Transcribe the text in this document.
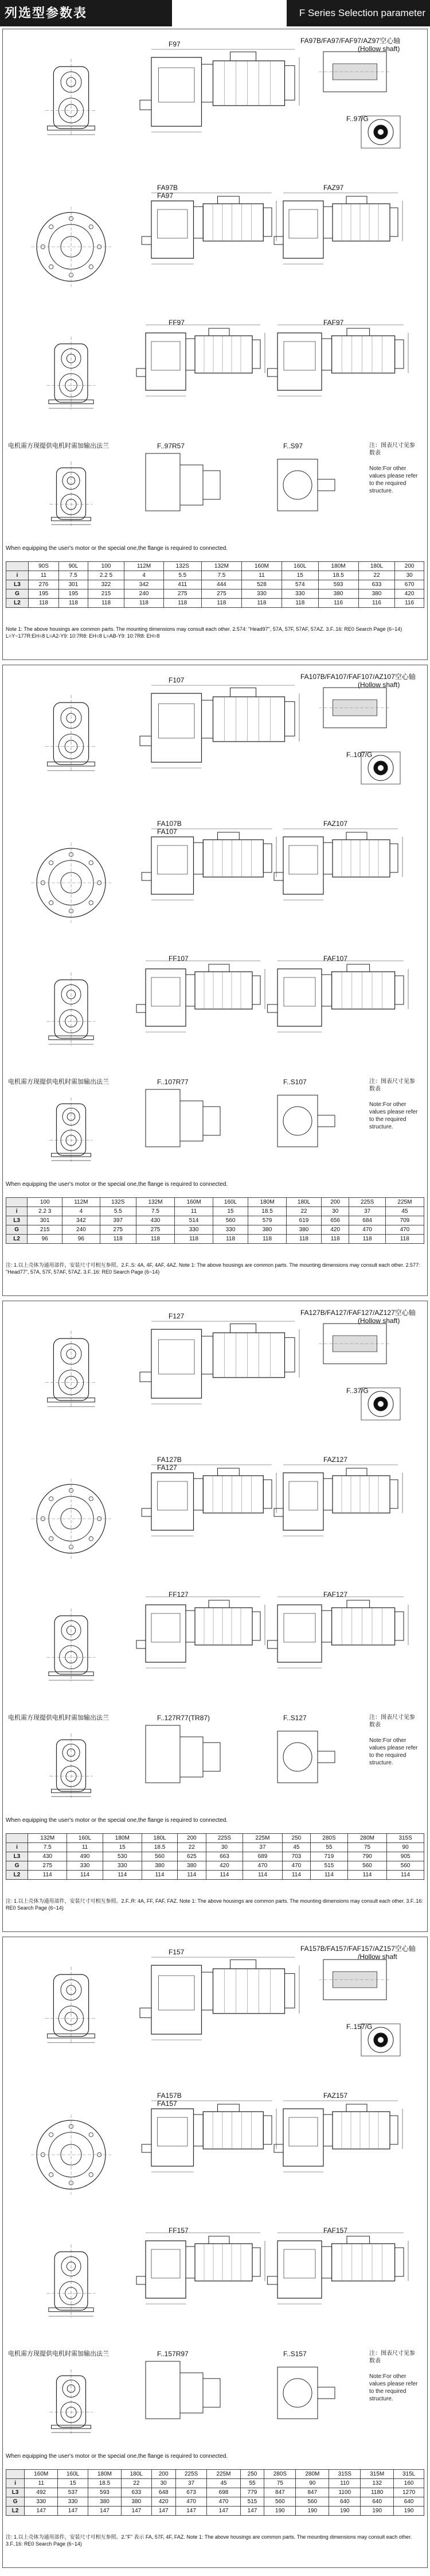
列选型参数表	F Series Selection parameter table
F97	FA97B/FA97/FAF97/AZ97空心轴
(Hollow shaft)
F..97/G
FA97B
FA97
FAZ97
FF97	FAF97
F..97R57	F..S97
电机需方现提供电机时需加输出法兰	注：图表尺寸见参数表
Note:For other values please refer to the required structure.
When equipping the user's motor or the special one,the flange is required to connected.
	90S	90L	100	112M	132S	132M	160M	160L	180M	180L	200
i	11	7.5	2.2 5	4	5.5	7.5	11	15	18.5	22	30
L3	276	301	322	342	411	444	528	574	593	633	670
G	195	195	215	240	275	275	330	330	380	380	420
L2	118	118	118	118	118	118	118	118	116	116	116
Note 1: The above housings are common parts. The mounting dimensions may consult each other. 2.574: "Head97", 57A, 57F, 57AF, 57AZ. 3.F..16: RE0 Search Page (6~14) L=Y~177R:EH=8 L=A2-Y9: 10:7R8: EH=8 L=AB-Y9: 10:7R8: EH=8
F107	FA107B/FA107/FAF107/AZ107空心轴
(Hollow shaft)
F..107/G
FA107B
FA107
FAZ107
FF107	FAF107
F..107R77	F..S107
电机需方现提供电机时需加输出法兰	注：图表尺寸见参数表
Note:For other values please refer to the required structure.
When equipping the user's motor or the special one,the flange is required to connected.
	100	112M	132S	132M	160M	160L	180M	180L	200	225S	225M
i	2.2 3	4	5.5	7.5	11	15	18.5	22	30	37	45
L3	301	342	397	430	514	560	579	619	656	684	709
G	215	240	275	275	330	330	380	380	420	470	470
L2	96	96	118	118	118	118	118	118	118	118	118
注: 1.以上壳体为通用部件，安装尺寸可相互参照。2.F..S: 4A, 4F, 4AF, 4AZ. Note 1: The above housings are common parts. The mounting dimensions may consult each other. 2.577: "Head77", 57A, 57F, 57AF, 57AZ. 3.F..16: RE0 Search Page (6~14)
F127	FA127B/FA127/FAF127/AZ127空心轴
(Hollow shaft)
F..37/G
FA127B
FA127
FAZ127
FF127	FAF127
F..127R77(TR87)	F..S127
电机需方现提供电机时需加输出法兰	注：图表尺寸见参数表
Note:For other values please refer to the required structure.
When equipping the user's motor or the special one,the flange is required to connected.
	132M	160L	180M	180L	200	225S	225M	250	280S	280M	315S
i	7.5	11	15	18.5	22	30	37	45	55	75	90
L3	430	490	530	560	625	663	689	703	719	790	905
G	275	330	330	380	380	420	470	470	515	560	560
L2	114	114	114	114	114	114	114	114	114	114	114
注: 1.以上壳体为通用部件，安装尺寸可相互参照。2.F..R: 4A, FF, FAF, FAZ. Note 1: The above housings are common parts. The mounting dimensions may consult each other. 3.F..16: RE0 Search Page (6~14)
F157	FA157B/FA157/FAF157/AZ157空心轴
/Hollow shaft
F..157/G
FA157B
FA157
FAZ157
FF157	FAF157
F..157R97	F..S157
电机需方现提供电机时需加输出法兰	注：图表尺寸见参数表
Note:For other values please refer to the required structure.
When equipping the user's motor or the special one,the flange is required to connected.
	160M	160L	180M	180L	200	225S	225M	250	280S	280M	315S	315M	315L
i	11	15	18.5	22	30	37	45	55	75	90	110	132	160
L3	492	537	593	633	648	673	698	779	847	847	1100	1180	1270
G	330	330	380	380	420	470	470	515	560	560	640	640	640
L2	147	147	147	147	147	147	147	147	190	190	190	190	190
注: 1.以上壳体为通用部件，安装尺寸可相互参照。2."F" 表示 FA, 57F, 4F, FAZ. Note 1: The above housings are common parts. The mounting dimensions may consult each other. 3.F..16: RE0 Search Page (6~14)
